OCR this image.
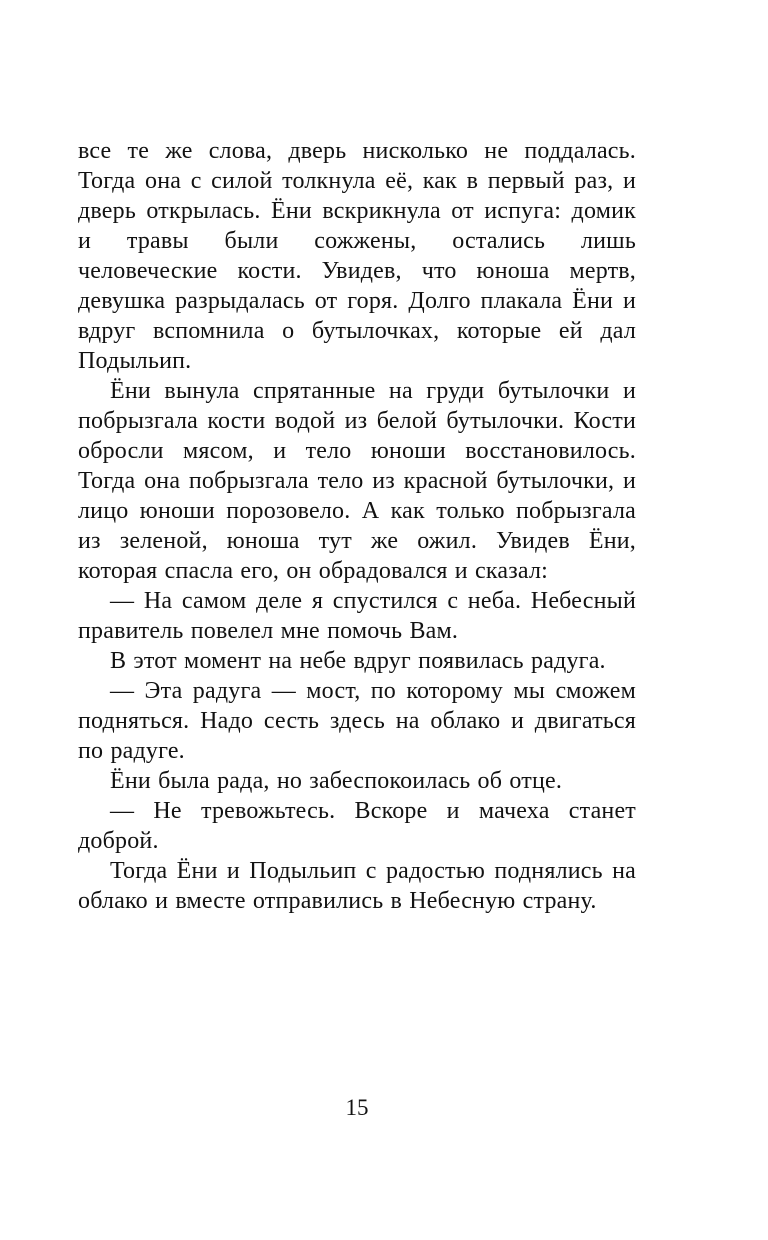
все те же слова, дверь нисколько не поддалась. Тогда она с силой толкнула её, как в первый раз, и дверь открылась. Ёни вскрикнула от испуга: домик и травы были сожжены, остались лишь человеческие кости. Увидев, что юноша мертв, девушка разрыдалась от горя. Долго плакала Ёни и вдруг вспомнила о бутылочках, которые ей дал Подыльип.

Ёни вынула спрятанные на груди бутылочки и побрызгала кости водой из белой бутылочки. Кости обросли мясом, и тело юноши восстановилось. Тогда она побрызгала тело из красной бутылочки, и лицо юноши порозовело. А как только побрызгала из зеленой, юноша тут же ожил. Увидев Ёни, которая спасла его, он обрадовался и сказал:

— На самом деле я спустился с неба. Небесный правитель повелел мне помочь Вам.

В этот момент на небе вдруг появилась радуга.

— Эта радуга — мост, по которому мы сможем подняться. Надо сесть здесь на облако и двигаться по радуге.

Ёни была рада, но забеспокоилась об отце.

— Не тревожьтесь. Вскоре и мачеха станет доброй.

Тогда Ёни и Подыльип с радостью поднялись на облако и вместе отправились в Небесную страну.

15
